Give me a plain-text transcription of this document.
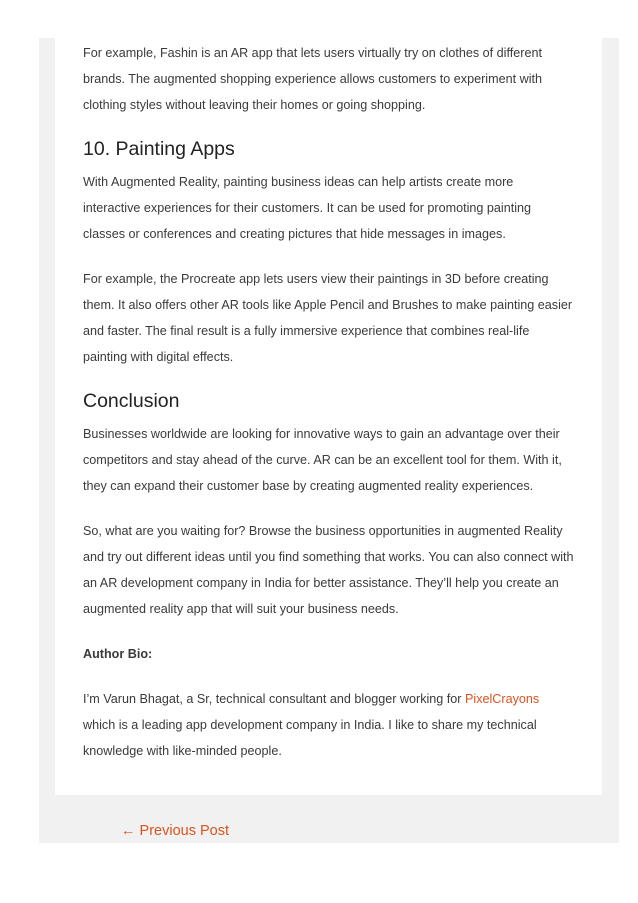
For example, Fashin is an AR app that lets users virtually try on clothes of different brands. The augmented shopping experience allows customers to experiment with clothing styles without leaving their homes or going shopping.

10. Painting Apps

With Augmented Reality, painting business ideas can help artists create more interactive experiences for their customers. It can be used for promoting painting classes or conferences and creating pictures that hide messages in images.

For example, the Procreate app lets users view their paintings in 3D before creating them. It also offers other AR tools like Apple Pencil and Brushes to make painting easier and faster. The final result is a fully immersive experience that combines real-life painting with digital effects.

Conclusion

Businesses worldwide are looking for innovative ways to gain an advantage over their competitors and stay ahead of the curve. AR can be an excellent tool for them. With it, they can expand their customer base by creating augmented reality experiences.

So, what are you waiting for? Browse the business opportunities in augmented Reality and try out different ideas until you find something that works. You can also connect with an AR development company in India for better assistance. They’ll help you create an augmented reality app that will suit your business needs.

Author Bio:

I’m Varun Bhagat, a Sr, technical consultant and blogger working for PixelCrayons which is a leading app development company in India. I like to share my technical knowledge with like-minded people.

← Previous Post
